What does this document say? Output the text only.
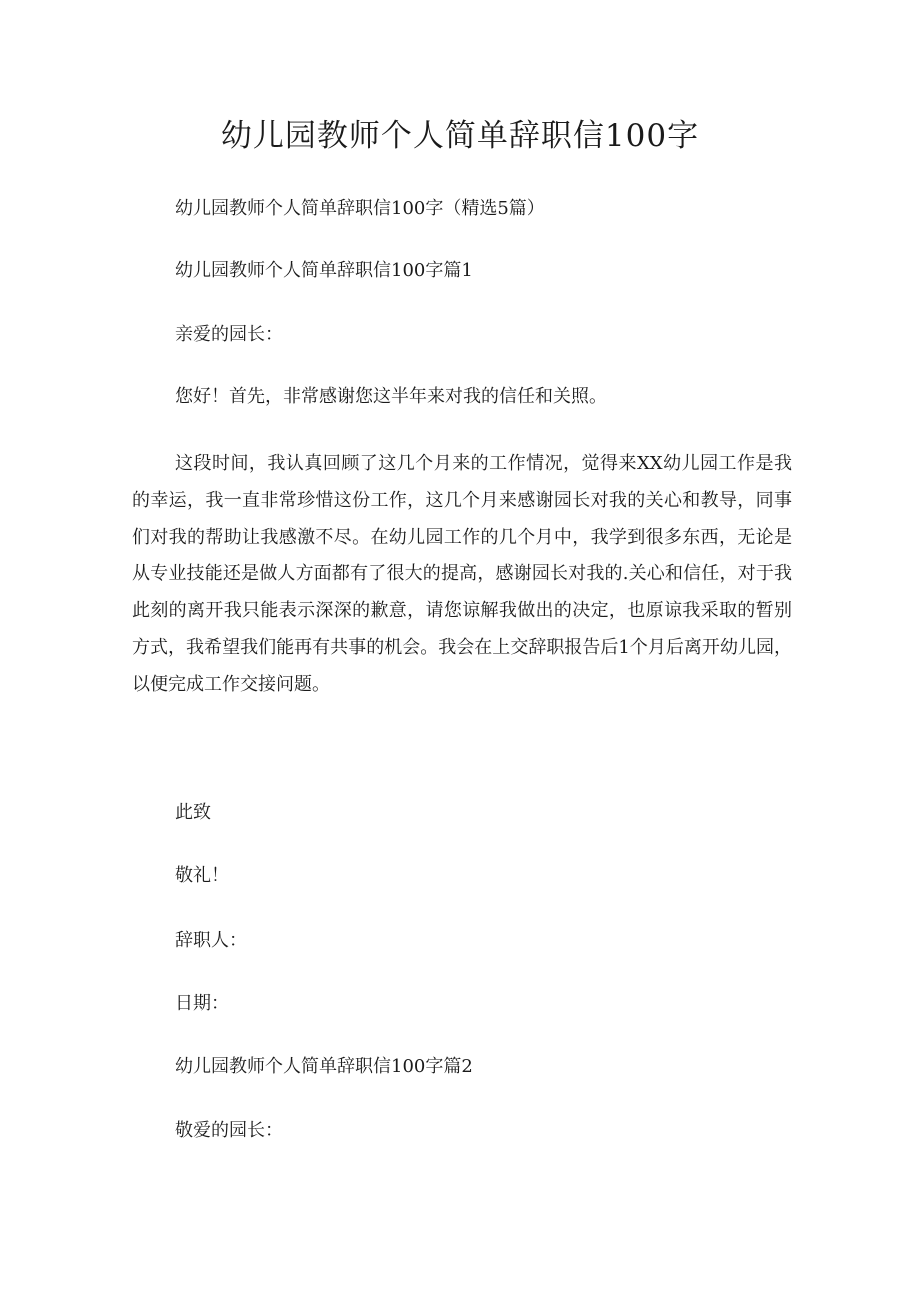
幼儿园教师个人简单辞职信100字

幼儿园教师个人简单辞职信100字（精选5篇）

幼儿园教师个人简单辞职信100字篇1

亲爱的园长：

您好！首先，非常感谢您这半年来对我的信任和关照。

这段时间，我认真回顾了这几个月来的工作情况，觉得来XX幼儿园工作是我的幸运，我一直非常珍惜这份工作，这几个月来感谢园长对我的关心和教导，同事们对我的帮助让我感激不尽。在幼儿园工作的几个月中，我学到很多东西，无论是从专业技能还是做人方面都有了很大的提高，感谢园长对我的.关心和信任，对于我此刻的离开我只能表示深深的歉意，请您谅解我做出的决定，也原谅我采取的暂别方式，我希望我们能再有共事的机会。我会在上交辞职报告后1个月后离开幼儿园，以便完成工作交接问题。

此致

敬礼！

辞职人：

日期：

幼儿园教师个人简单辞职信100字篇2

敬爱的园长：
